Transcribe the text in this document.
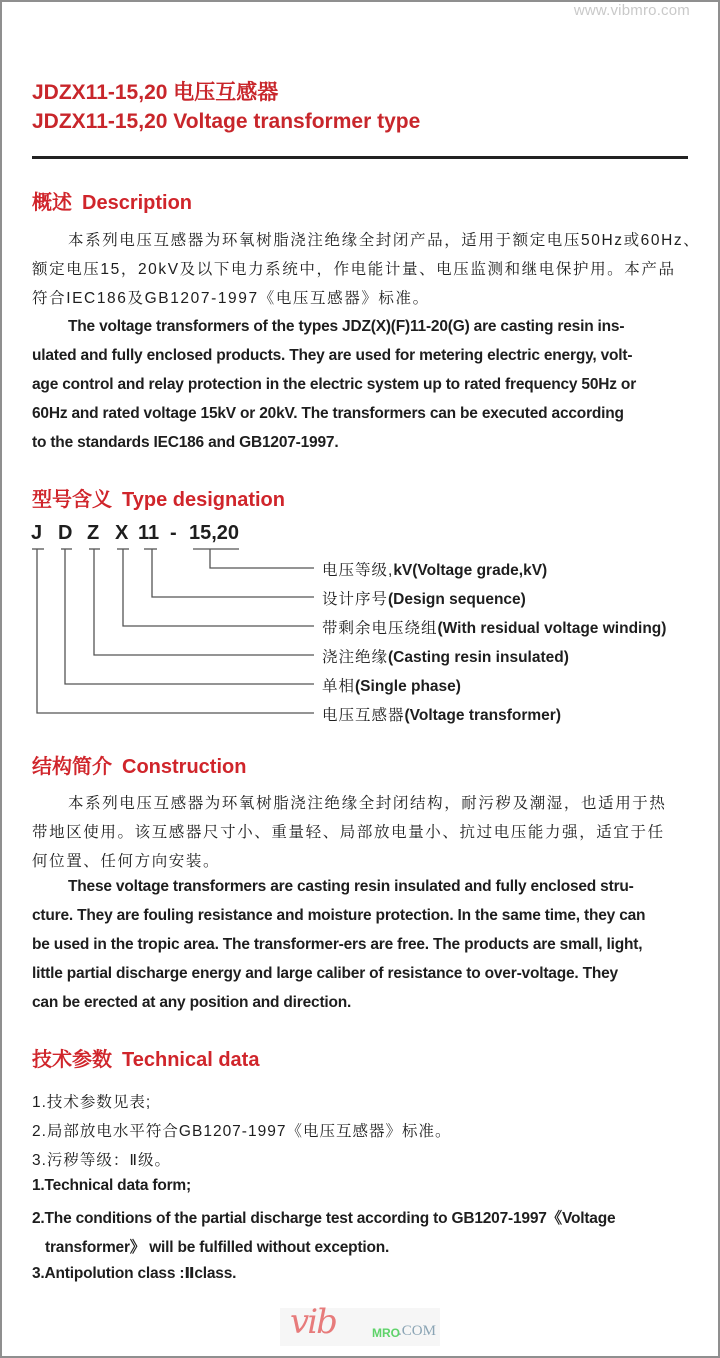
www.vibmro.com
JDZX11-15,20 电压互感器
JDZX11-15,20 Voltage transformer type
概述 Description
本系列电压互感器为环氧树脂浇注绝缘全封闭产品，适用于额定电压50Hz或60Hz、
额定电压15，20kV及以下电力系统中，作电能计量、电压监测和继电保护用。本产品
符合IEC186及GB1207-1997《电压互感器》标准。
The voltage transformers of the types JDZ(X)(F)11-20(G) are casting resin ins-
ulated and fully enclosed products. They are used for metering electric energy, volt-
age control and relay protection in the electric system up to rated frequency 50Hz or
60Hz and rated voltage 15kV or 20kV. The transformers can be executed according
to the standards IEC186 and GB1207-1997.
型号含义 Type designation
J D Z X 11 - 15,20
电压等级,kV(Voltage grade,kV)
设计序号(Design sequence)
带剩余电压绕组(With residual voltage winding)
浇注绝缘(Casting resin insulated)
单相(Single phase)
电压互感器(Voltage transformer)
结构简介 Construction
本系列电压互感器为环氧树脂浇注绝缘全封闭结构，耐污秽及潮湿，也适用于热
带地区使用。该互感器尺寸小、重量轻、局部放电量小、抗过电压能力强，适宜于任
何位置、任何方向安装。
These voltage transformers are casting resin insulated and fully enclosed stru-
cture. They are fouling resistance and moisture protection. In the same time, they can
be used in the tropic area. The transformer-ers are free. The products are small, light,
little partial discharge energy and large caliber of resistance to over-voltage. They
can be erected at any position and direction.
技术参数 Technical data
1.技术参数见表;
2.局部放电水平符合GB1207-1997《电压互感器》标准。
3.污秽等级：Ⅱ级。
1.Technical data form;
2.The conditions of the partial discharge test according to GB1207-1997《Voltage
transformer》 will be fulfilled without exception.
3.Antipolution class :Ⅱclass.
vib	MRO
.COM
